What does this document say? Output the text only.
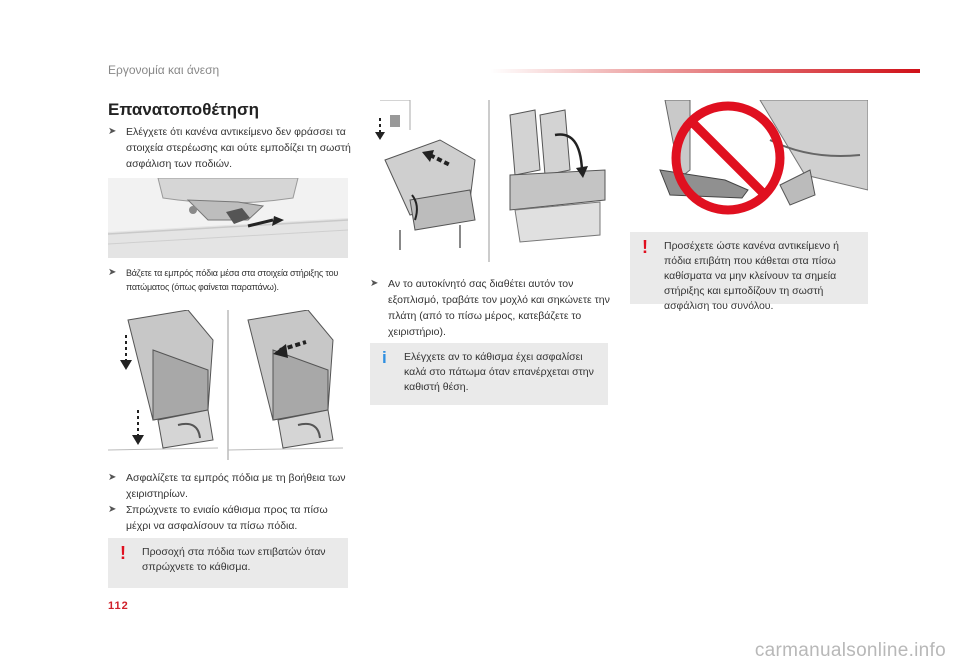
Εργονομία και άνεση
Επανατοποθέτηση
➤ Ελέγχετε ότι κανένα αντικείμενο δεν φράσσει τα στοιχεία στερέωσης και ούτε εμποδίζει τη σωστή ασφάλιση των ποδιών.
➤ Βάζετε τα εμπρός πόδια μέσα στα στοιχεία στήριξης του πατώματος (όπως φαίνεται παραπάνω).
➤ Ασφαλίζετε τα εμπρός πόδια με τη βοήθεια των χειριστηρίων.
➤ Σπρώχνετε το ενιαίο κάθισμα προς τα πίσω μέχρι να ασφαλίσουν τα πίσω πόδια.
! Προσοχή στα πόδια των επιβατών όταν σπρώχνετε το κάθισμα.
➤ Αν το αυτοκίνητό σας διαθέτει αυτόν τον εξοπλισμό, τραβάτε τον μοχλό και σηκώνετε την πλάτη (από το πίσω μέρος, κατεβάζετε το χειριστήριο).
i Ελέγχετε αν το κάθισμα έχει ασφαλίσει καλά στο πάτωμα όταν επανέρχεται στην καθιστή θέση.
! Προσέχετε ώστε κανένα αντικείμενο ή πόδια επιβάτη που κάθεται στα πίσω καθίσματα να μην κλείνουν τα σημεία στήριξης και εμποδίζουν τη σωστή ασφάλιση του συνόλου.
112
carmanualsonline.info
